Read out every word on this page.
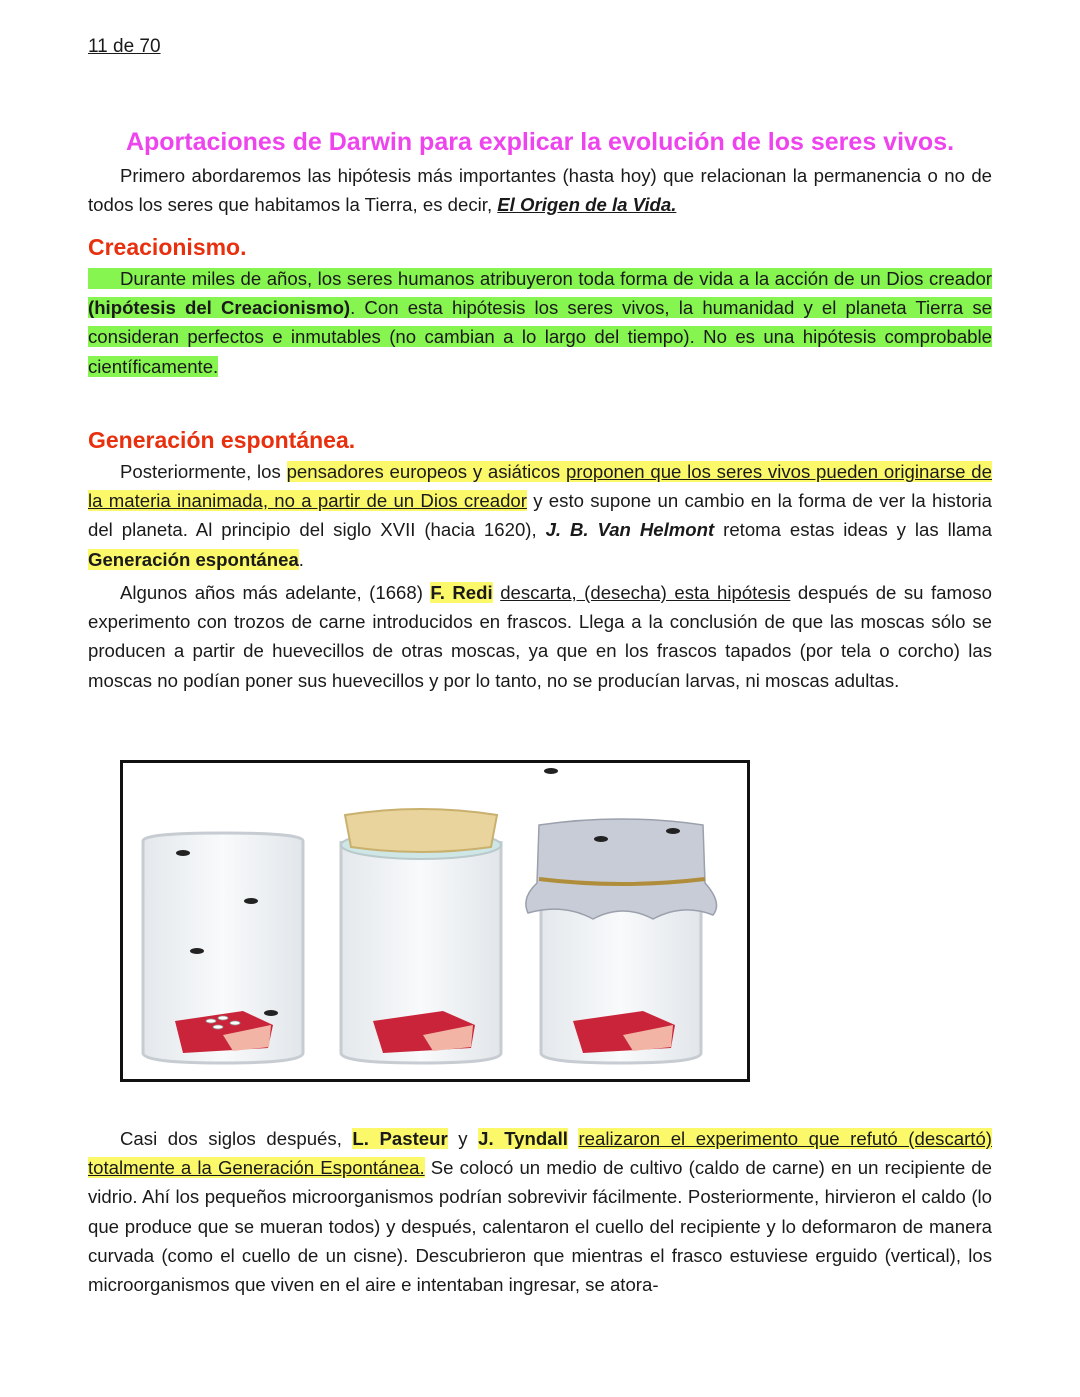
11 de 70
Aportaciones de Darwin para explicar la evolución de los seres vivos.
Primero abordaremos las hipótesis más importantes (hasta hoy) que relacionan la permanencia o no de todos los seres que habitamos la Tierra, es decir, El Origen de la Vida.
Creacionismo.
Durante miles de años, los seres humanos atribuyeron toda forma de vida a la acción de un Dios creador (hipótesis del Creacionismo). Con esta hipótesis los seres vivos, la humanidad y el planeta Tierra se consideran perfectos e inmutables (no cambian a lo largo del tiempo). No es una hipótesis comprobable científicamente.
Generación espontánea.
Posteriormente, los pensadores europeos y asiáticos proponen que los seres vivos pueden originarse de la materia inanimada, no a partir de un Dios creador y esto supone un cambio en la forma de ver la historia del planeta. Al principio del siglo XVII (hacia 1620), J. B. Van Helmont retoma estas ideas y las llama Generación espontánea.
Algunos años más adelante, (1668) F. Redi descarta, (desecha) esta hipótesis después de su famoso experimento con trozos de carne introducidos en frascos. Llega a la conclusión de que las moscas sólo se producen a partir de huevecillos de otras moscas, ya que en los frascos tapados (por tela o corcho) las moscas no podían poner sus huevecillos y por lo tanto, no se producían larvas, ni moscas adultas.
Casi dos siglos después, L. Pasteur y J. Tyndall realizaron el experimento que refutó (descartó) totalmente a la Generación Espontánea. Se colocó un medio de cultivo (caldo de carne) en un recipiente de vidrio. Ahí los pequeños microorganismos podrían sobrevivir fácilmente. Posteriormente, hirvieron el caldo (lo que produce que se mueran todos) y después, calentaron el cuello del recipiente y lo deformaron de manera curvada (como el cuello de un cisne). Descubrieron que mientras el frasco estuviese erguido (vertical), los microorganismos que viven en el aire e intentaban ingresar, se atora-
